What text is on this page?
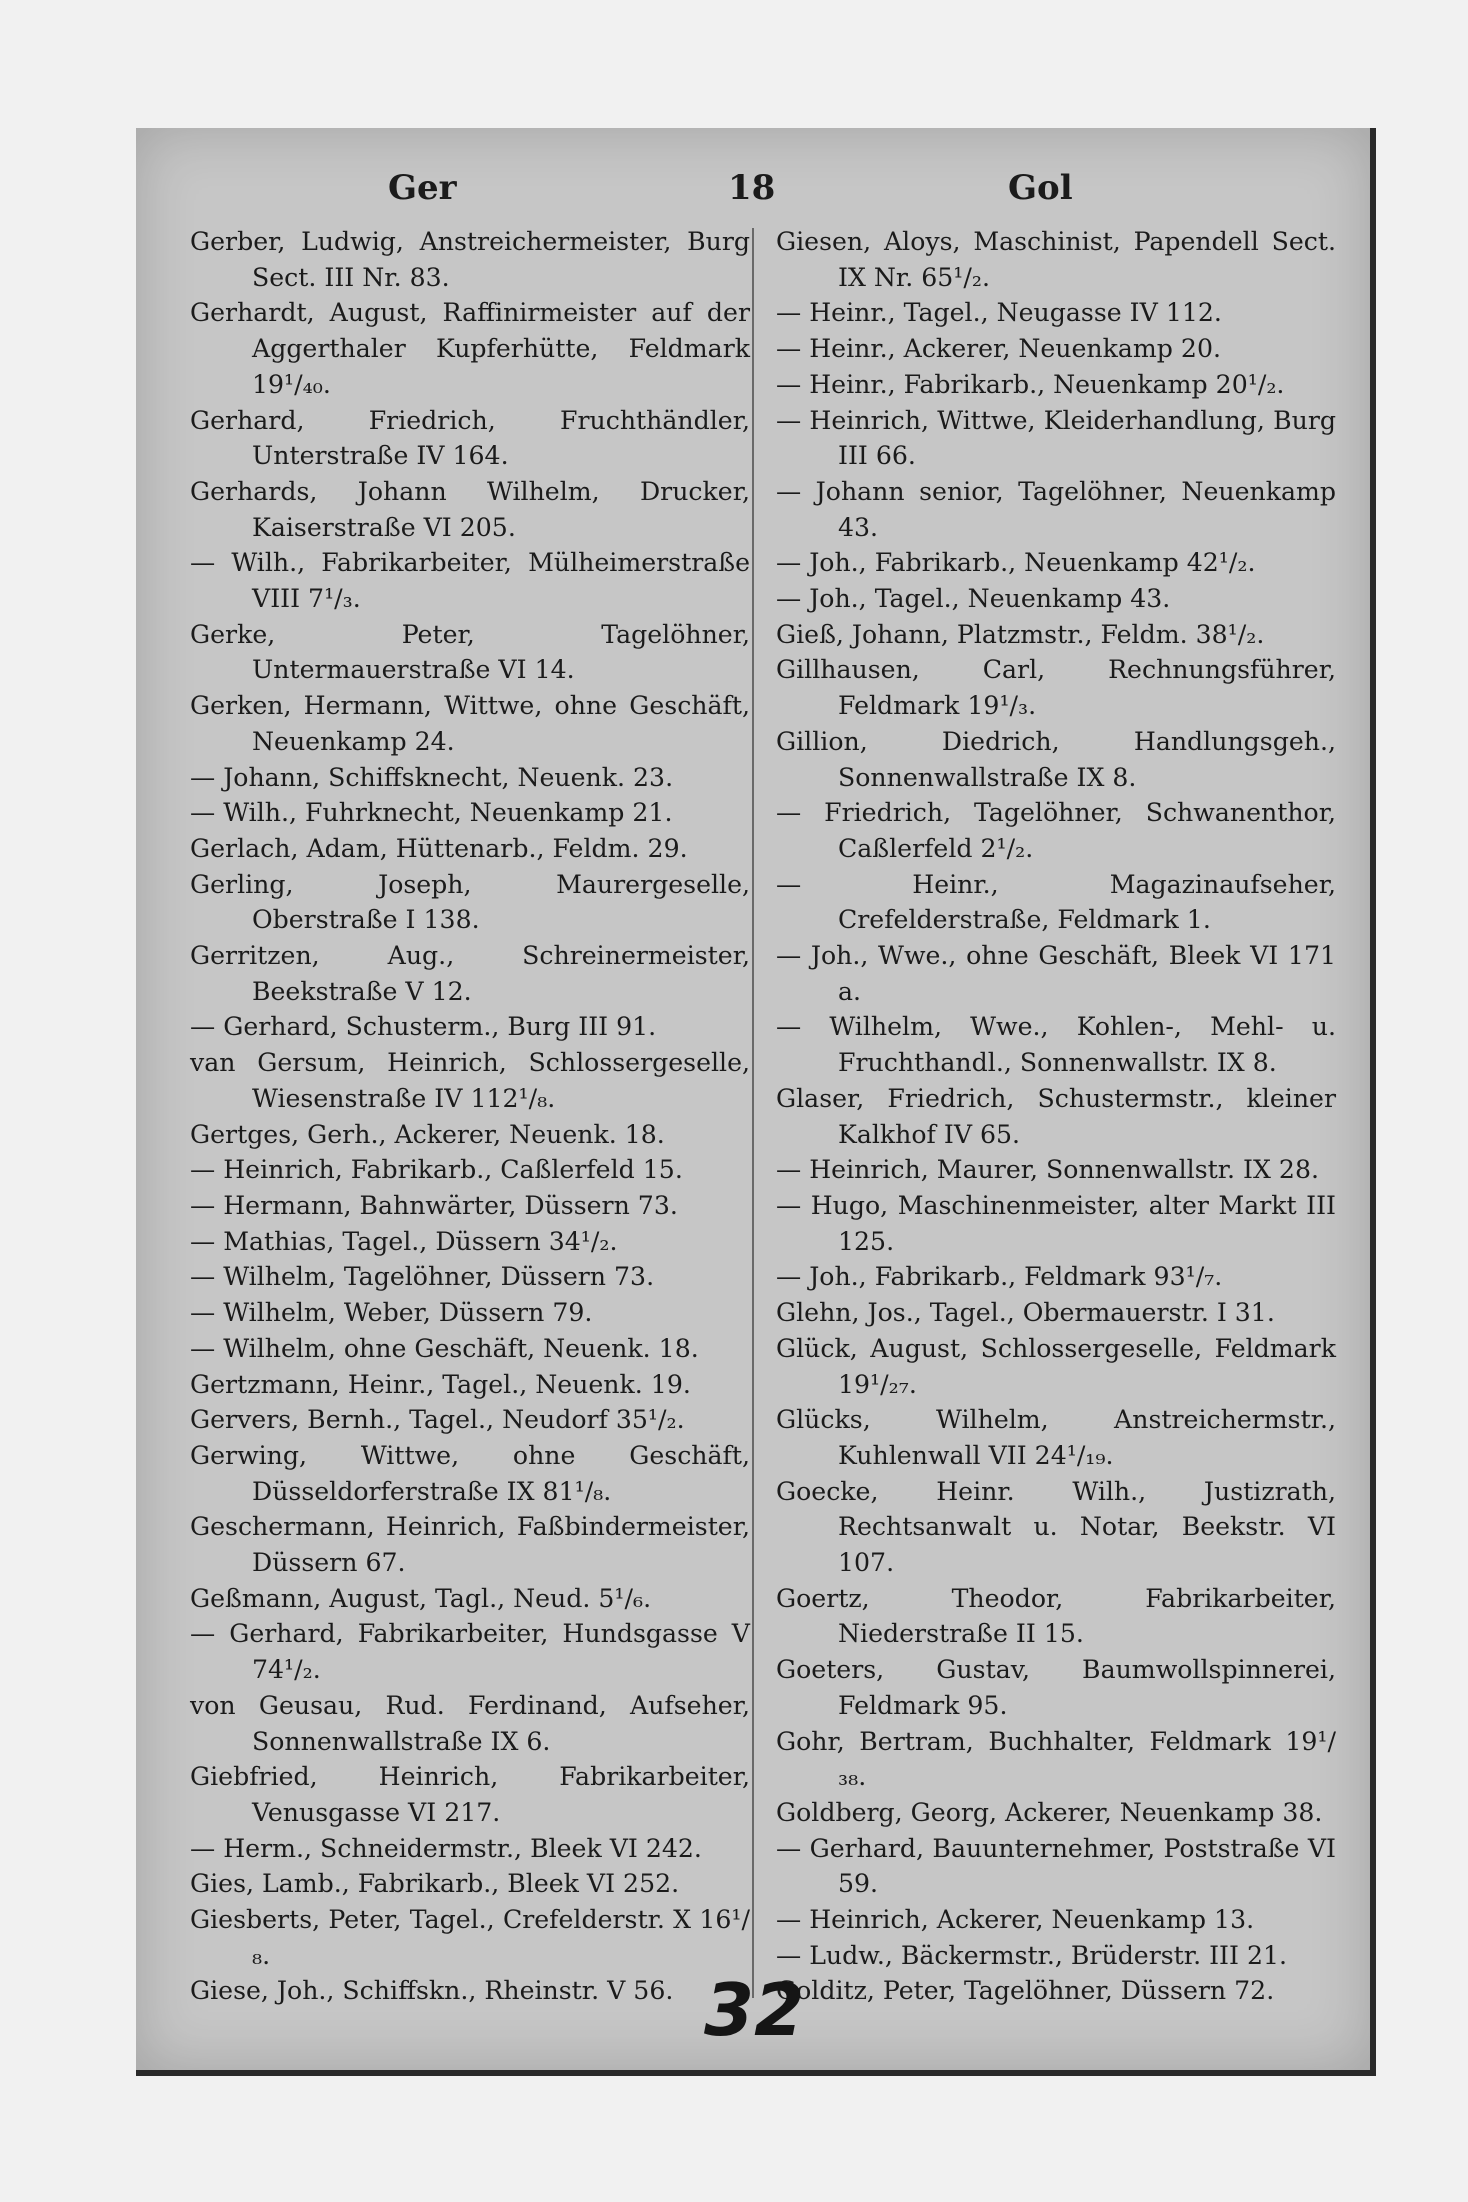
Ger	18	Gol

Gerber, Ludwig, Anstreichermeister, Burg Sect. III Nr. 83.

Gerhardt, August, Raffinirmeister auf der Aggerthaler Kupferhütte, Feldmark 19¹/₄₀.

Gerhard, Friedrich, Fruchthändler, Unterstraße IV 164.

Gerhards, Johann Wilhelm, Drucker, Kaiserstraße VI 205.

— Wilh., Fabrikarbeiter, Mülheimerstraße VIII 7¹/₃.

Gerke, Peter, Tagelöhner, Untermauerstraße VI 14.

Gerken, Hermann, Wittwe, ohne Geschäft, Neuenkamp 24.

— Johann, Schiffsknecht, Neuenk. 23.

— Wilh., Fuhrknecht, Neuenkamp 21.

Gerlach, Adam, Hüttenarb., Feldm. 29.

Gerling, Joseph, Maurergeselle, Oberstraße I 138.

Gerritzen, Aug., Schreinermeister, Beekstraße V 12.

— Gerhard, Schusterm., Burg III 91.

van Gersum, Heinrich, Schlossergeselle, Wiesenstraße IV 112¹/₈.

Gertges, Gerh., Ackerer, Neuenk. 18.

— Heinrich, Fabrikarb., Caßlerfeld 15.

— Hermann, Bahnwärter, Düssern 73.

— Mathias, Tagel., Düssern 34¹/₂.

— Wilhelm, Tagelöhner, Düssern 73.

— Wilhelm, Weber, Düssern 79.

— Wilhelm, ohne Geschäft, Neuenk. 18.

Gertzmann, Heinr., Tagel., Neuenk. 19.

Gervers, Bernh., Tagel., Neudorf 35¹/₂.

Gerwing, Wittwe, ohne Geschäft, Düsseldorferstraße IX 81¹/₈.

Geschermann, Heinrich, Faßbindermeister, Düssern 67.

Geßmann, August, Tagl., Neud. 5¹/₆.

— Gerhard, Fabrikarbeiter, Hundsgasse V 74¹/₂.

von Geusau, Rud. Ferdinand, Aufseher, Sonnenwallstraße IX 6.

Giebfried, Heinrich, Fabrikarbeiter, Venusgasse VI 217.

— Herm., Schneidermstr., Bleek VI 242.

Gies, Lamb., Fabrikarb., Bleek VI 252.

Giesberts, Peter, Tagel., Crefelderstr. X 16¹/₈.

Giese, Joh., Schiffskn., Rheinstr. V 56.

Giesen, Aloys, Maschinist, Papendell Sect. IX Nr. 65¹/₂.

— Heinr., Tagel., Neugasse IV 112.

— Heinr., Ackerer, Neuenkamp 20.

— Heinr., Fabrikarb., Neuenkamp 20¹/₂.

— Heinrich, Wittwe, Kleiderhandlung, Burg III 66.

— Johann senior, Tagelöhner, Neuenkamp 43.

— Joh., Fabrikarb., Neuenkamp 42¹/₂.

— Joh., Tagel., Neuenkamp 43.

Gieß, Johann, Platzmstr., Feldm. 38¹/₂.

Gillhausen, Carl, Rechnungsführer, Feldmark 19¹/₃.

Gillion, Diedrich, Handlungsgeh., Sonnenwallstraße IX 8.

— Friedrich, Tagelöhner, Schwanenthor, Caßlerfeld 2¹/₂.

— Heinr., Magazinaufseher, Crefelderstraße, Feldmark 1.

— Joh., Wwe., ohne Geschäft, Bleek VI 171 a.

— Wilhelm, Wwe., Kohlen-, Mehl- u. Fruchthandl., Sonnenwallstr. IX 8.

Glaser, Friedrich, Schustermstr., kleiner Kalkhof IV 65.

— Heinrich, Maurer, Sonnenwallstr. IX 28.

— Hugo, Maschinenmeister, alter Markt III 125.

— Joh., Fabrikarb., Feldmark 93¹/₇.

Glehn, Jos., Tagel., Obermauerstr. I 31.

Glück, August, Schlossergeselle, Feldmark 19¹/₂₇.

Glücks, Wilhelm, Anstreichermstr., Kuhlenwall VII 24¹/₁₉.

Goecke, Heinr. Wilh., Justizrath, Rechtsanwalt u. Notar, Beekstr. VI 107.

Goertz, Theodor, Fabrikarbeiter, Niederstraße II 15.

Goeters, Gustav, Baumwollspinnerei, Feldmark 95.

Gohr, Bertram, Buchhalter, Feldmark 19¹/₃₈.

Goldberg, Georg, Ackerer, Neuenkamp 38.

— Gerhard, Bauunternehmer, Poststraße VI 59.

— Heinrich, Ackerer, Neuenkamp 13.

— Ludw., Bäckermstr., Brüderstr. III 21.

Golditz, Peter, Tagelöhner, Düssern 72.

32
